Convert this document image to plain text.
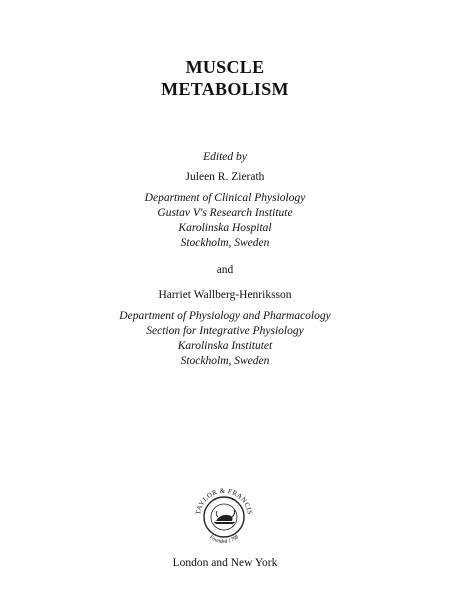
MUSCLE
METABOLISM
Edited by
Juleen R. Zierath
Department of Clinical Physiology
Gustav V's Research Institute
Karolinska Hospital
Stockholm, Sweden
and
Harriet Wallberg-Henriksson
Department of Physiology and Pharmacology
Section for Integrative Physiology
Karolinska Institutet
Stockholm, Sweden
TAYLOR & FRANCIS
Founded 1798
London and New York
